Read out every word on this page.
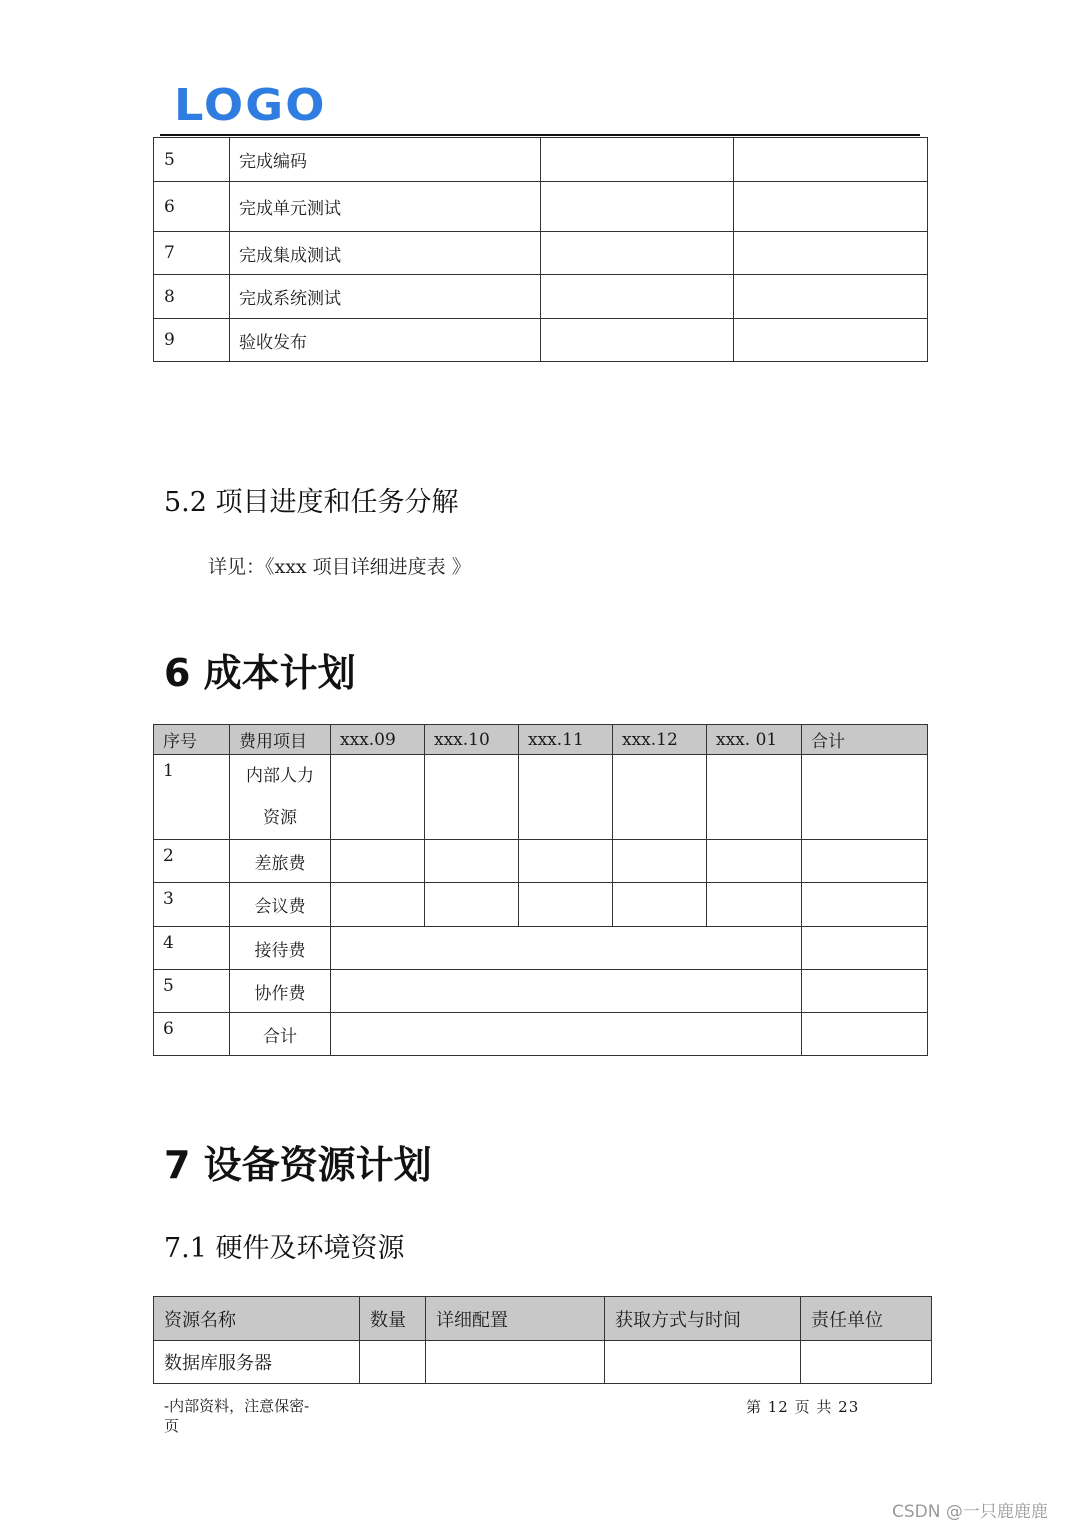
LOGO
5	完成编码		
6	完成单元测试		
7	完成集成测试		
8	完成系统测试		
9	验收发布		
5.2 项目进度和任务分解
详见：《xxx 项目详细进度表 》
6 成本计划
序号	费用项目	xxx.09	xxx.10	xxx.11	xxx.12	xxx. 01	合计
1	内部人力
资源						

2	差旅费						
3	会议费						
4	接待费						
5	协作费						
6	合计						
7 设备资源计划
7.1 硬件及环境资源
资源名称	数量	详细配置	获取方式与时间	责任单位
数据库服务器				
-内部资料，注意保密-
页
第 12 页 共 23
CSDN @一只鹿鹿鹿
